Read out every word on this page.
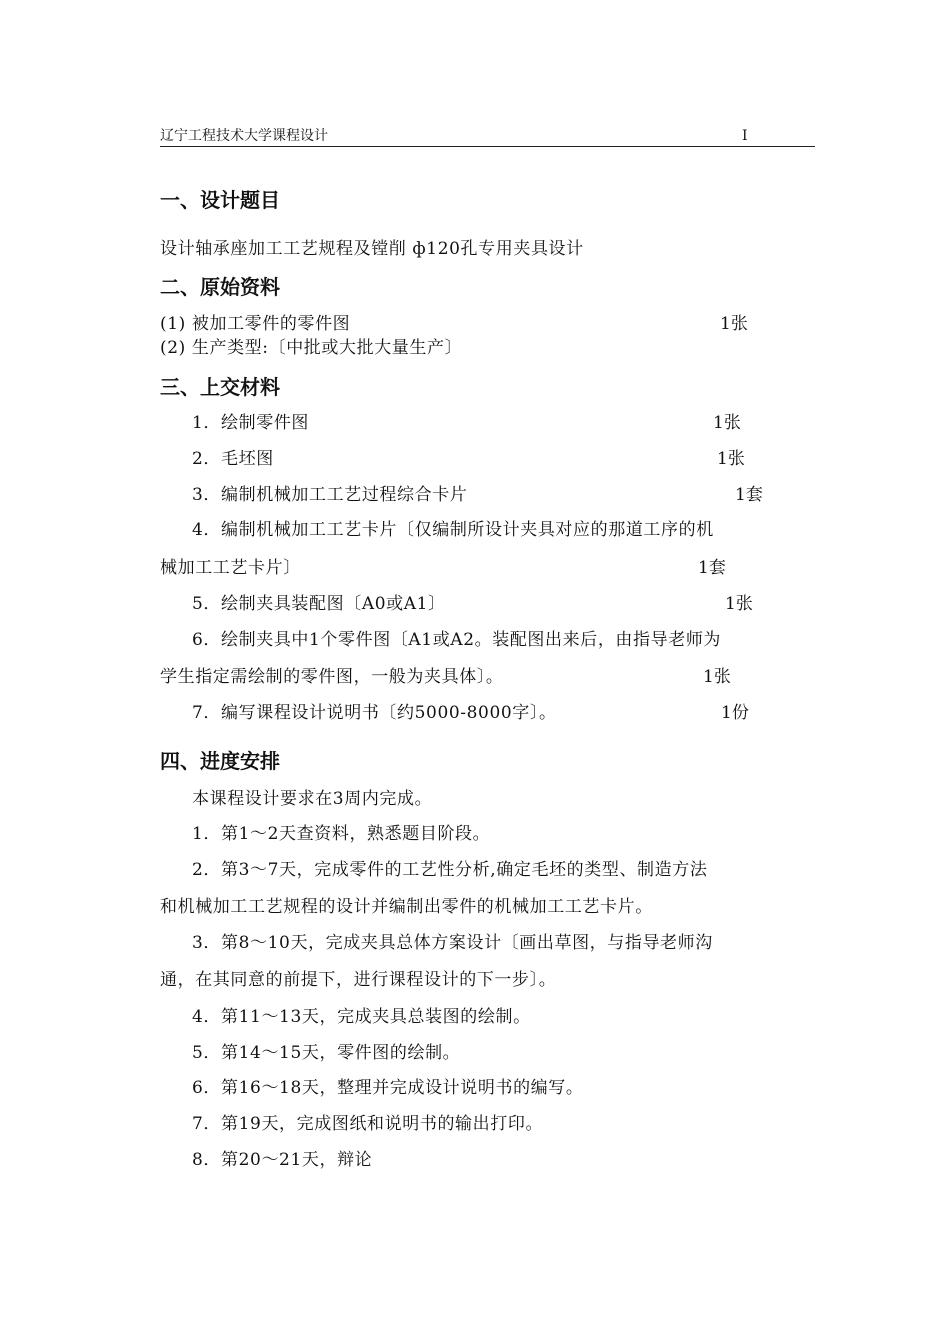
辽宁工程技术大学课程设计	I
一、设计题目
设计轴承座加工工艺规程及镗削 ф120孔专用夹具设计
二、原始资料
(1) 被加工零件的零件图	1张
(2) 生产类型:〔中批或大批大量生产〕
三、上交材料
1．绘制零件图	1张
2．毛坯图	1张
3．编制机械加工工艺过程综合卡片	1套
4．编制机械加工工艺卡片〔仅编制所设计夹具对应的那道工序的机
械加工工艺卡片〕	1套
5．绘制夹具装配图〔A0或A1〕	1张
6．绘制夹具中1个零件图〔A1或A2。装配图出来后，由指导老师为
学生指定需绘制的零件图，一般为夹具体〕。	1张
7．编写课程设计说明书〔约5000-8000字〕。	1份
四、进度安排
本课程设计要求在3周内完成。
1．第1～2天查资料，熟悉题目阶段。
2．第3～7天，完成零件的工艺性分析,确定毛坯的类型、制造方法
和机械加工工艺规程的设计并编制出零件的机械加工工艺卡片。
3．第8～10天，完成夹具总体方案设计〔画出草图，与指导老师沟
通，在其同意的前提下，进行课程设计的下一步〕。
4．第11～13天，完成夹具总装图的绘制。
5．第14～15天，零件图的绘制。
6．第16～18天，整理并完成设计说明书的编写。
7．第19天，完成图纸和说明书的输出打印。
8．第20～21天，辩论
